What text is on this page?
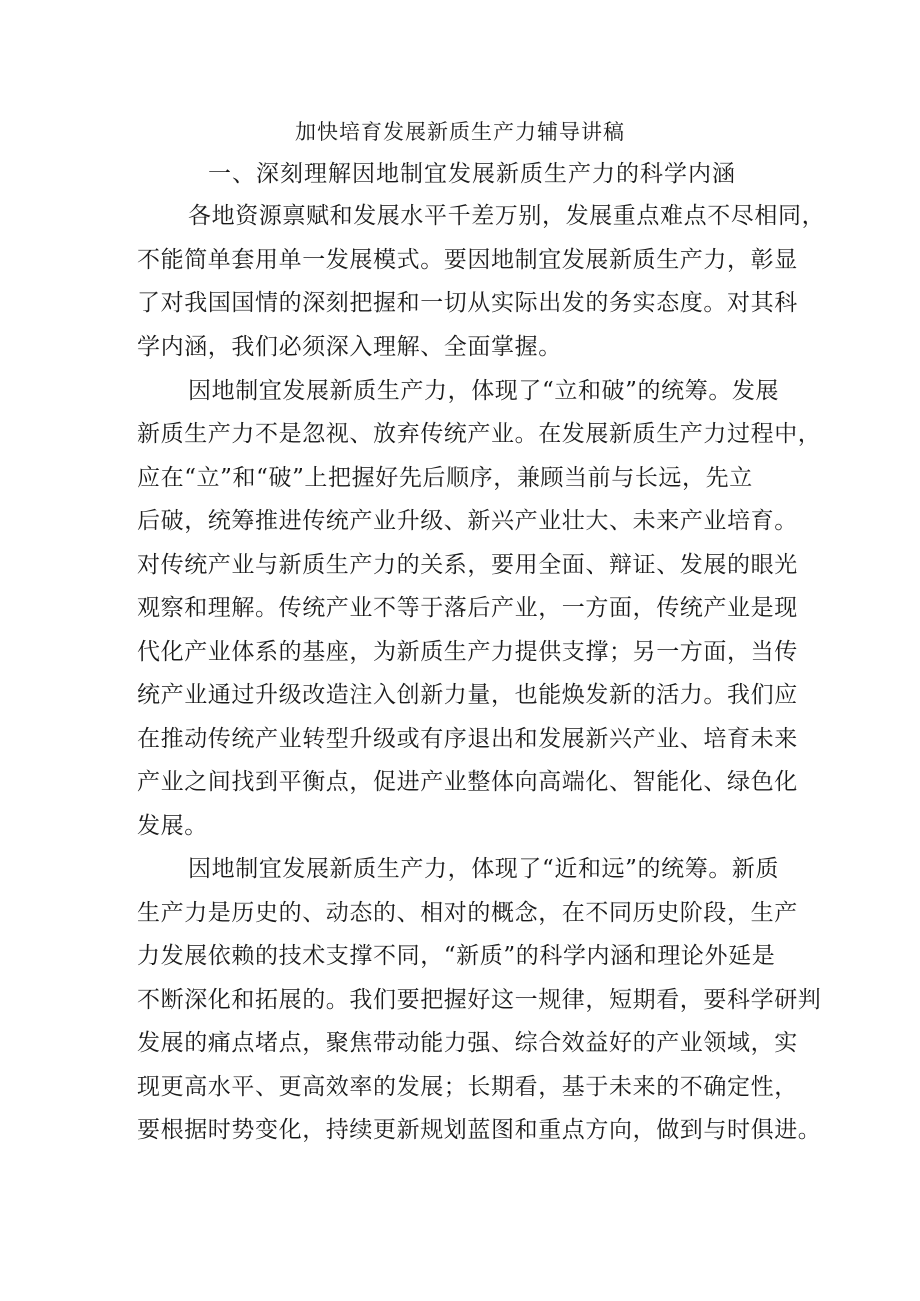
加快培育发展新质生产力辅导讲稿
一、深刻理解因地制宜发展新质生产力的科学内涵
各地资源禀赋和发展水平千差万别，发展重点难点不尽相同，
不能简单套用单一发展模式。要因地制宜发展新质生产力，彰显
了对我国国情的深刻把握和一切从实际出发的务实态度。对其科
学内涵，我们必须深入理解、全面掌握。
因地制宜发展新质生产力，体现了“立和破”的统筹。发展
新质生产力不是忽视、放弃传统产业。在发展新质生产力过程中，
应在“立”和“破”上把握好先后顺序，兼顾当前与长远，先立
后破，统筹推进传统产业升级、新兴产业壮大、未来产业培育。
对传统产业与新质生产力的关系，要用全面、辩证、发展的眼光
观察和理解。传统产业不等于落后产业，一方面，传统产业是现
代化产业体系的基座，为新质生产力提供支撑；另一方面，当传
统产业通过升级改造注入创新力量，也能焕发新的活力。我们应
在推动传统产业转型升级或有序退出和发展新兴产业、培育未来
产业之间找到平衡点，促进产业整体向高端化、智能化、绿色化
发展。
因地制宜发展新质生产力，体现了“近和远”的统筹。新质
生产力是历史的、动态的、相对的概念，在不同历史阶段，生产
力发展依赖的技术支撑不同，“新质”的科学内涵和理论外延是
不断深化和拓展的。我们要把握好这一规律，短期看，要科学研判
发展的痛点堵点，聚焦带动能力强、综合效益好的产业领域，实
现更高水平、更高效率的发展；长期看，基于未来的不确定性，
要根据时势变化，持续更新规划蓝图和重点方向，做到与时俱进。
